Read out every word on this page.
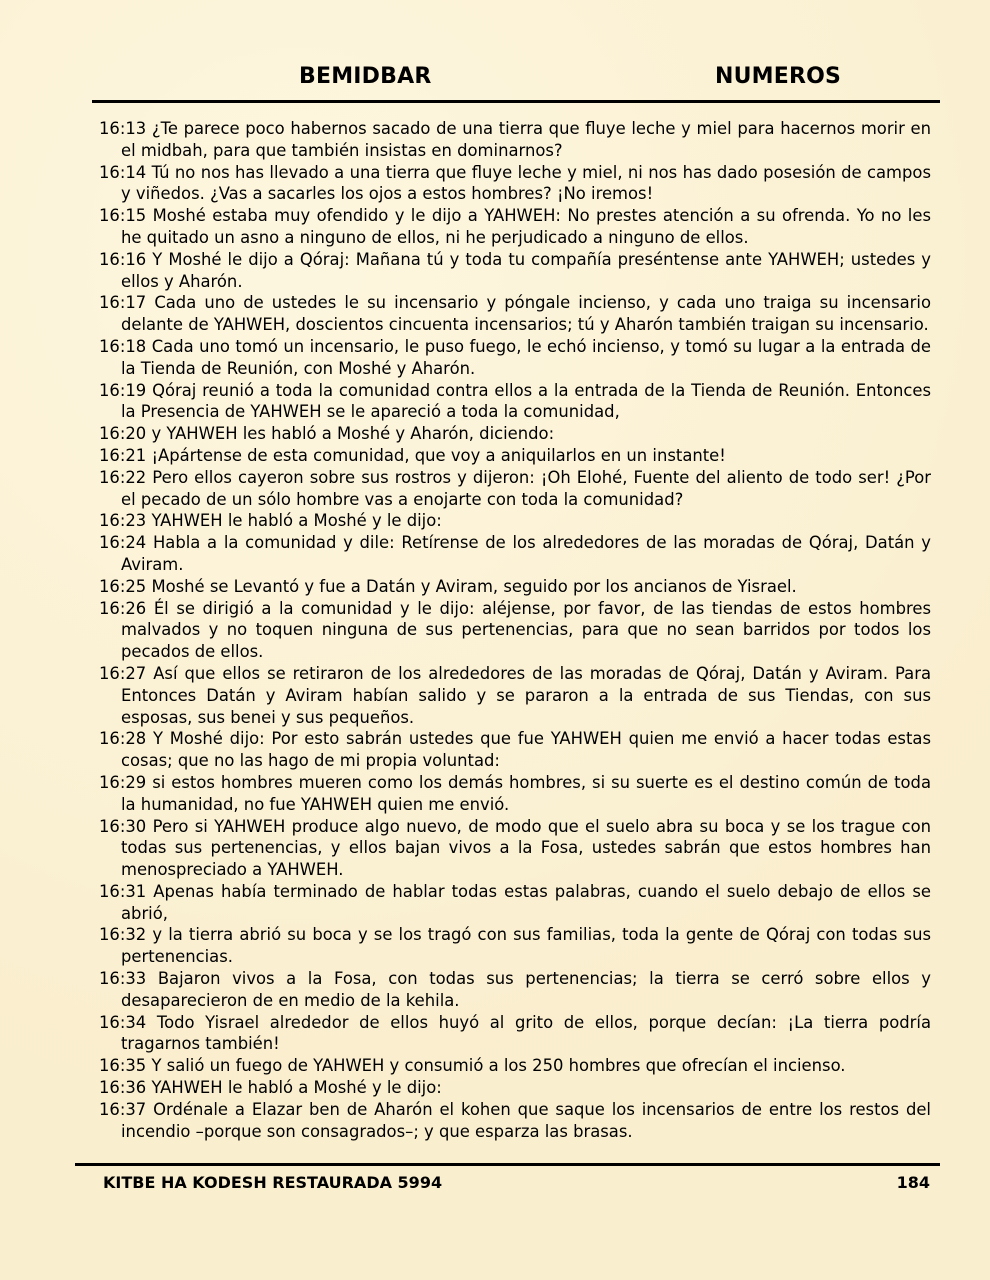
BEMIDBAR	NUMEROS

16:13 ¿Te parece poco habernos sacado de una tierra que fluye leche y miel para hacernos morir en el midbah, para que también insistas en dominarnos?

16:14 Tú no nos has llevado a una tierra que fluye leche y miel, ni nos has dado posesión de campos y viñedos. ¿Vas a sacarles los ojos a estos hombres? ¡No iremos!

16:15 Moshé estaba muy ofendido y le dijo a YAHWEH: No prestes atención a su ofrenda. Yo no les he quitado un asno a ninguno de ellos, ni he perjudicado a ninguno de ellos.

16:16 Y Moshé le dijo a Qóraj: Mañana tú y toda tu compañía preséntense ante YAHWEH; ustedes y ellos y Aharón.

16:17 Cada uno de ustedes le su incensario y póngale incienso, y cada uno traiga su incensario delante de YAHWEH, doscientos cincuenta incensarios; tú y Aharón también traigan su incensario.

16:18 Cada uno tomó un incensario, le puso fuego, le echó incienso, y tomó su lugar a la entrada de la Tienda de Reunión, con Moshé y Aharón.

16:19 Qóraj reunió a toda la comunidad contra ellos a la entrada de la Tienda de Reunión. Entonces la Presencia de YAHWEH se le apareció a toda la comunidad,

16:20 y YAHWEH les habló a Moshé y Aharón, diciendo:

16:21 ¡Apártense de esta comunidad, que voy a aniquilarlos en un instante!

16:22 Pero ellos cayeron sobre sus rostros y dijeron: ¡Oh Elohé, Fuente del aliento de todo ser! ¿Por el pecado de un sólo hombre vas a enojarte con toda la comunidad?

16:23 YAHWEH le habló a Moshé y le dijo:

16:24 Habla a la comunidad y dile: Retírense de los alrededores de las moradas de Qóraj, Datán y Aviram.

16:25 Moshé se Levantó y fue a Datán y Aviram, seguido por los ancianos de Yisrael.

16:26 Él se dirigió a la comunidad y le dijo: aléjense, por favor, de las tiendas de estos hombres malvados y no toquen ninguna de sus pertenencias, para que no sean barridos por todos los pecados de ellos.

16:27 Así que ellos se retiraron de los alrededores de las moradas de Qóraj, Datán y Aviram. Para Entonces Datán y Aviram habían salido y se pararon a la entrada de sus Tiendas, con sus esposas, sus benei y sus pequeños.

16:28 Y Moshé dijo: Por esto sabrán ustedes que fue YAHWEH quien me envió a hacer todas estas cosas; que no las hago de mi propia voluntad:

16:29 si estos hombres mueren como los demás hombres, si su suerte es el destino común de toda la humanidad, no fue YAHWEH quien me envió.

16:30 Pero si YAHWEH produce algo nuevo, de modo que el suelo abra su boca y se los trague con todas sus pertenencias, y ellos bajan vivos a la Fosa, ustedes sabrán que estos hombres han menospreciado a YAHWEH.

16:31 Apenas había terminado de hablar todas estas palabras, cuando el suelo debajo de ellos se abrió,

16:32 y la tierra abrió su boca y se los tragó con sus familias, toda la gente de Qóraj con todas sus pertenencias.

16:33 Bajaron vivos a la Fosa, con todas sus pertenencias; la tierra se cerró sobre ellos y desaparecieron de en medio de la kehila.

16:34 Todo Yisrael alrededor de ellos huyó al grito de ellos, porque decían: ¡La tierra podría tragarnos también!

16:35 Y salió un fuego de YAHWEH y consumió a los 250 hombres que ofrecían el incienso.

16:36 YAHWEH le habló a Moshé y le dijo:

16:37 Ordénale a Elazar ben de Aharón el kohen que saque los incensarios de entre los restos del incendio –porque son consagrados–; y que esparza las brasas.

KITBE HA KODESH RESTAURADA 5994	184
